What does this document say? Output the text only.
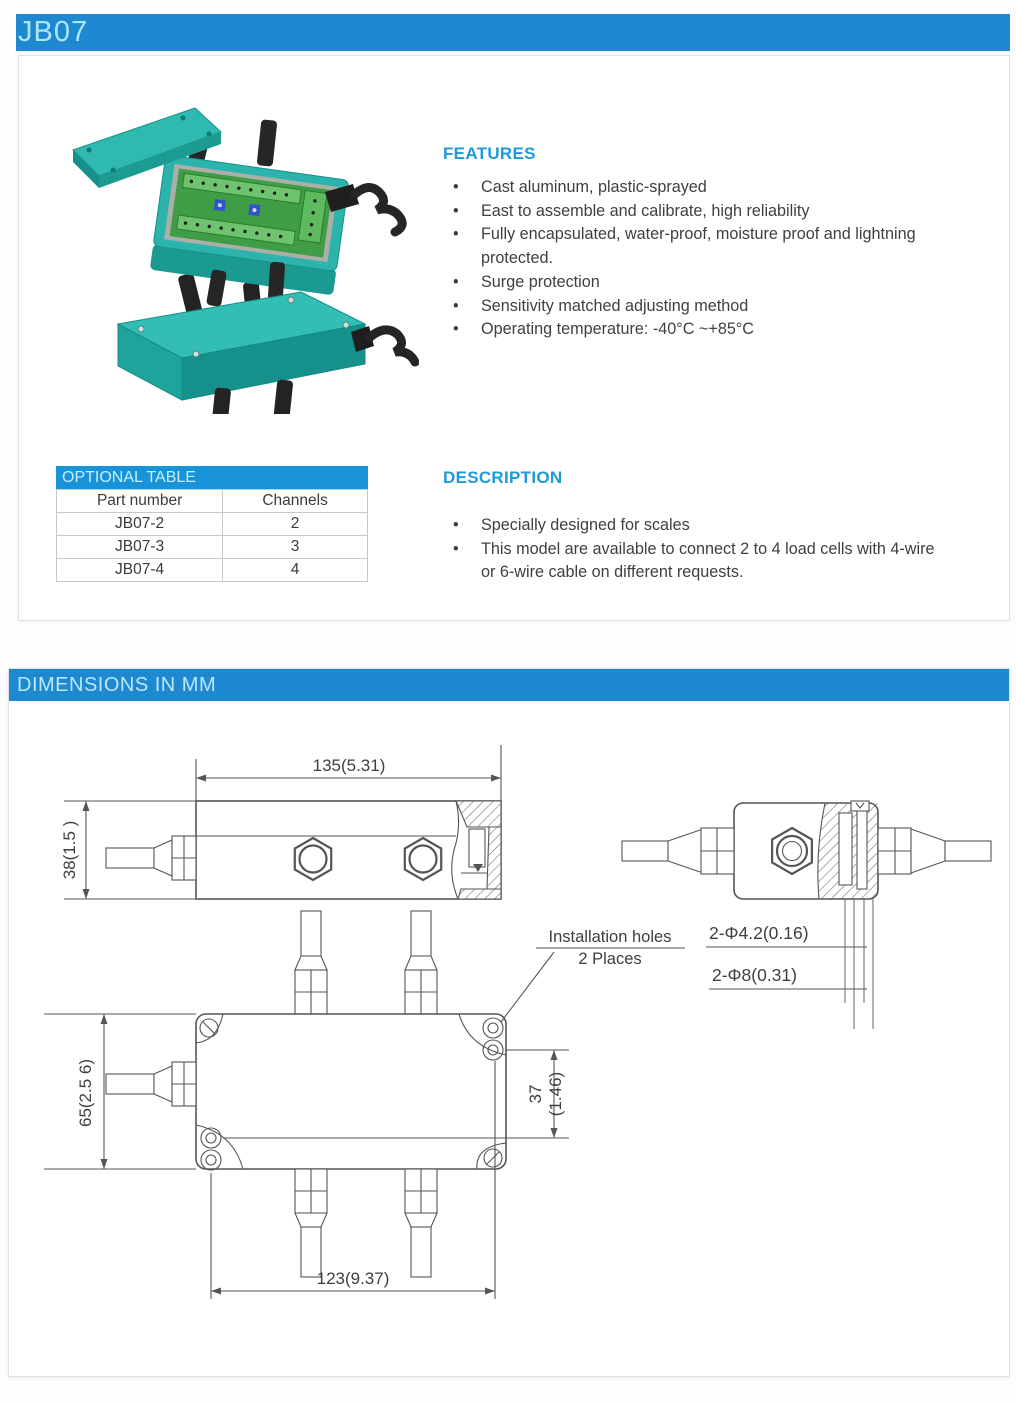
JB07
FEATURES
• Cast aluminum, plastic-sprayed
• East to assemble and calibrate, high reliability
• Fully encapsulated, water-proof, moisture proof and lightning protected.
• Surge protection
• Sensitivity matched adjusting method
• Operating temperature: -40°C ~+85°C
OPTIONAL TABLE
Part number	Channels
JB07-2	2
JB07-3	3
JB07-4	4
DESCRIPTION
• Specially designed for scales
• This model are available to connect 2 to 4 load cells with 4-wire or 6-wire cable on different requests.
DIMENSIONS IN MM
135(5.31)
38(1.5 )
2-Φ4.2(0.16)
2-Φ8(0.31)
65(2.5 6)	37 (1.46)
123(9.37)
Installation holes
2 Places
